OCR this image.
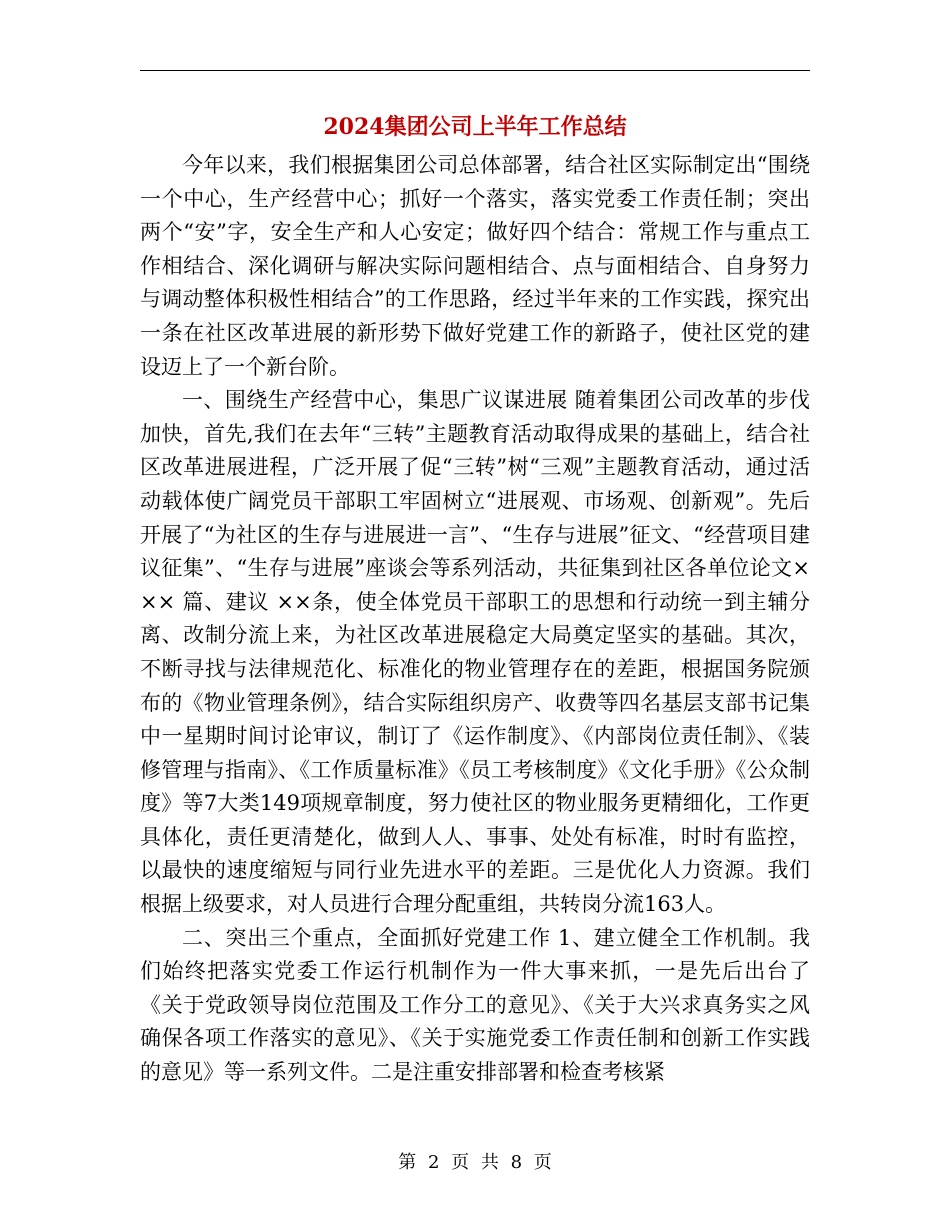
2024集团公司上半年工作总结

今年以来，我们根据集团公司总体部署，结合社区实际制定出“围绕一个中心，生产经营中心；抓好一个落实，落实党委工作责任制；突出两个“安”字，安全生产和人心安定；做好四个结合：常规工作与重点工作相结合、深化调研与解决实际问题相结合、点与面相结合、自身努力与调动整体积极性相结合”的工作思路，经过半年来的工作实践，探究出一条在社区改革进展的新形势下做好党建工作的新路子，使社区党的建设迈上了一个新台阶。

一、围绕生产经营中心，集思广议谋进展 随着集团公司改革的步伐加快，首先,我们在去年“三转”主题教育活动取得成果的基础上，结合社区改革进展进程，广泛开展了促“三转”树“三观”主题教育活动，通过活动载体使广阔党员干部职工牢固树立“进展观、市场观、创新观”。先后开展了“为社区的生存与进展进一言”、“生存与进展”征文、“经营项目建议征集”、“生存与进展”座谈会等系列活动，共征集到社区各单位论文××× 篇、建议 ××条，使全体党员干部职工的思想和行动统一到主辅分离、改制分流上来，为社区改革进展稳定大局奠定坚实的基础。其次，不断寻找与法律规范化、标准化的物业管理存在的差距，根据国务院颁布的《物业管理条例》，结合实际组织房产、收费等四名基层支部书记集中一星期时间讨论审议，制订了《运作制度》、《内部岗位责任制》、《装修管理与指南》、《工作质量标准》《员工考核制度》《文化手册》《公众制度》等7大类149项规章制度，努力使社区的物业服务更精细化，工作更具体化，责任更清楚化，做到人人、事事、处处有标准，时时有监控，以最快的速度缩短与同行业先进水平的差距。三是优化人力资源。我们根据上级要求，对人员进行合理分配重组，共转岗分流163人。

二、突出三个重点，全面抓好党建工作 1、建立健全工作机制。我们始终把落实党委工作运行机制作为一件大事来抓，一是先后出台了《关于党政领导岗位范围及工作分工的意见》、《关于大兴求真务实之风确保各项工作落实的意见》、《关于实施党委工作责任制和创新工作实践的意见》等一系列文件。二是注重安排部署和检查考核紧

第 2 页 共 8 页
